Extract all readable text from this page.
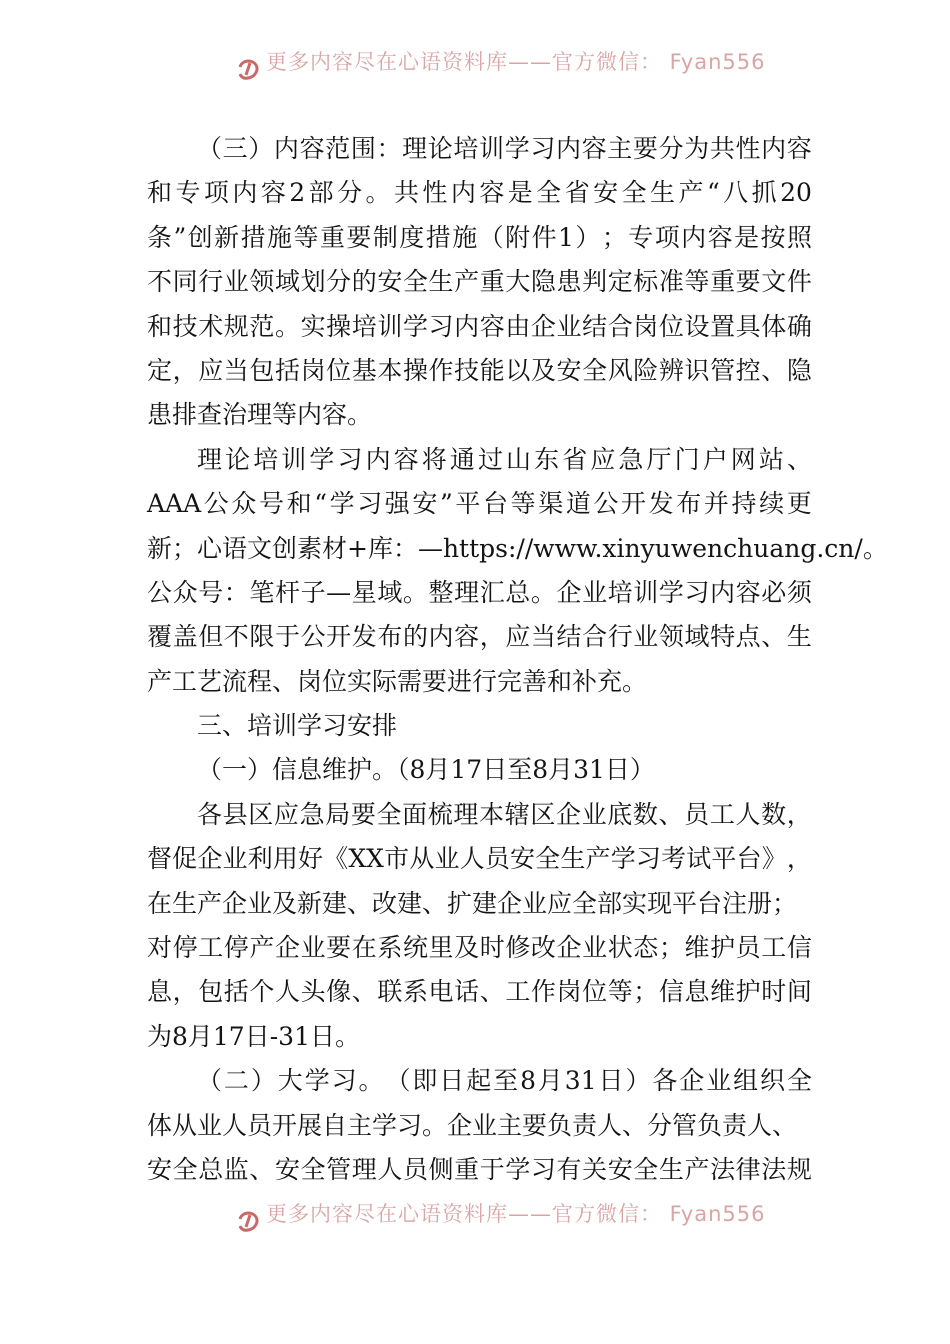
更多内容尽在心语资料库——官方微信： Fyan556
（ 三 ） 内 容 范 围 ： 理 论 培 训 学 习 内 容 主 要 分 为 共 性 内 容
和 专 项 内 容 2 部 分 。 共 性 内 容 是 全 省 安 全 生 产 “ 八 抓 20
条 ” 创 新 措 施 等 重 要 制 度 措 施 （ 附 件 1 ） ； 专 项 内 容 是 按 照
不 同 行 业 领 域 划 分 的 安 全 生 产 重 大 隐 患 判 定 标 准 等 重 要 文 件
和 技 术 规 范 。 实 操 培 训 学 习 内 容 由 企 业 结 合 岗 位 设 置 具 体 确
定 ， 应 当 包 括 岗 位 基 本 操 作 技 能 以 及 安 全 风 险 辨 识 管 控 、 隐
患排查治理等内容。
理 论 培 训 学 习 内 容 将 通 过 山 东 省 应 急 厅 门 户 网 站 、
AAA 公 众 号 和 “ 学 习 强 安 ” 平 台 等 渠 道 公 开 发 布 并 持 续 更
新；心语文创素材+库：—https://www.xinyuwenchuang.cn/。
公 众 号 ： 笔 杆 子 — 星 域 。 整 理 汇 总 。 企 业 培 训 学 习 内 容 必 须
覆 盖 但 不 限 于 公 开 发 布 的 内 容 ， 应 当 结 合 行 业 领 域 特 点 、 生
产工艺流程、岗位实际需要进行完善和补充。
三、培训学习安排
（一）信息维护。（8月17日至8月31日）
各 县 区 应 急 局 要 全 面 梳 理 本 辖 区 企 业 底 数 、 员 工 人 数 ，
督 促 企 业 利 用 好 《 XX 市 从 业 人 员 安 全 生 产 学 习 考 试 平 台 》 ，
在生产企业及新建、改建、扩建企业应全部实现平台注册；
对 停 工 停 产 企 业 要 在 系 统 里 及 时 修 改 企 业 状 态 ； 维 护 员 工 信
息 ， 包 括 个 人 头 像 、 联 系 电 话 、 工 作 岗 位 等 ； 信 息 维 护 时 间
为8月17日-31日。
（ 二 ） 大 学 习 。 （ 即 日 起 至 8 月 31 日 ） 各 企 业 组 织 全
体从业人员开展自主学习。企业主要负责人、分管负责人、
安 全 总 监 、 安 全 管 理 人 员 侧 重 于 学 习 有 关 安 全 生 产 法 律 法 规
更多内容尽在心语资料库——官方微信： Fyan556
